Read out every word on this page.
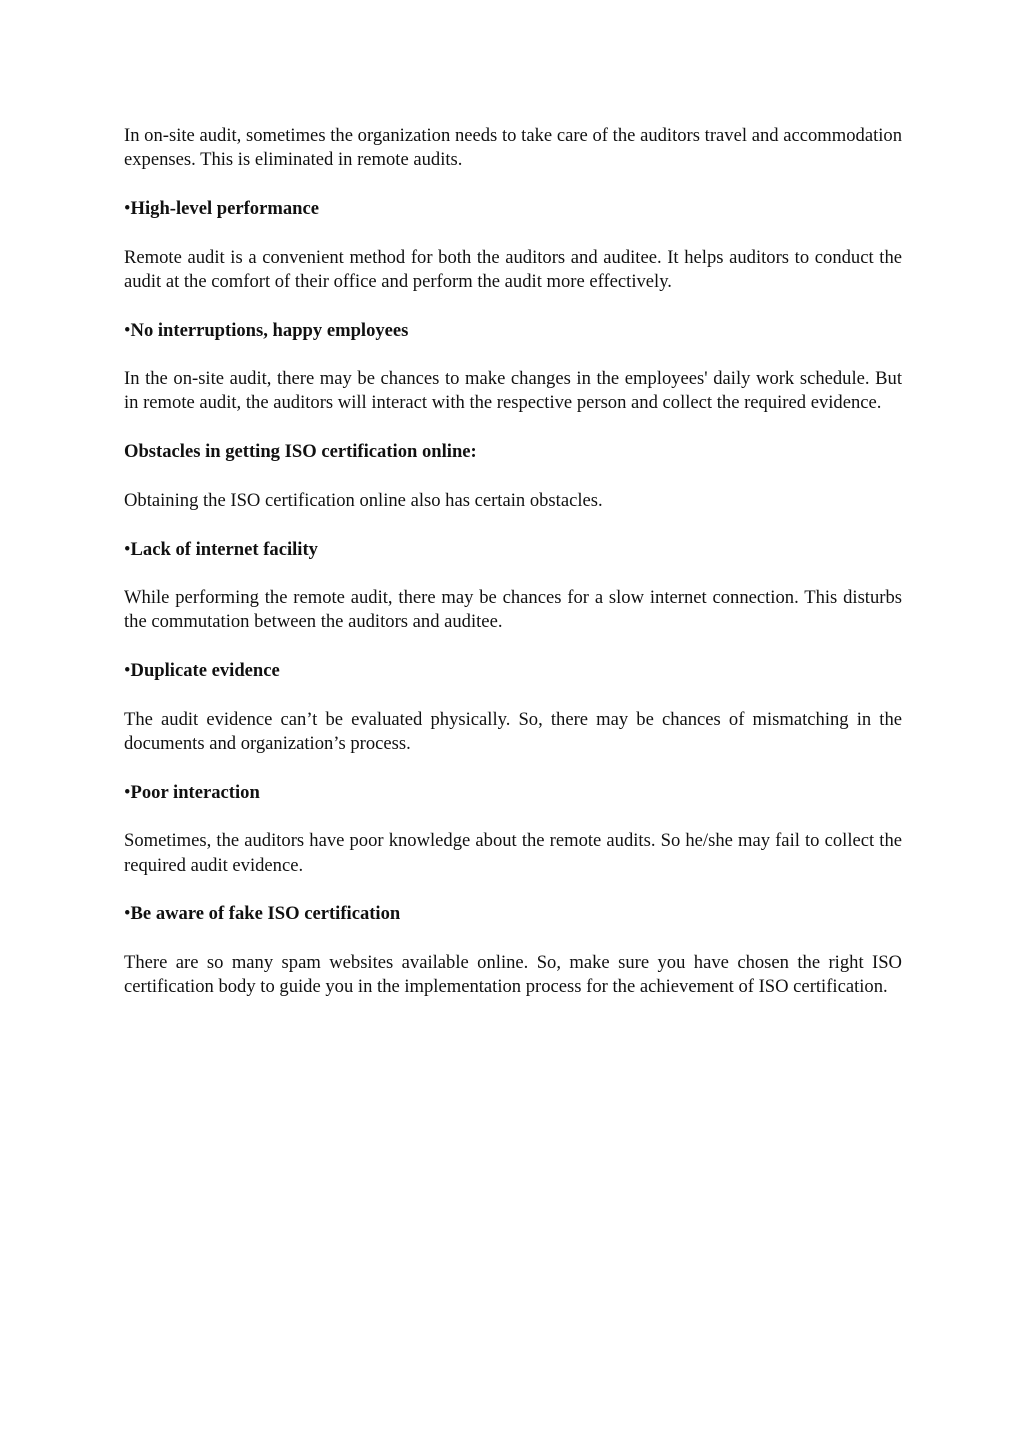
In on-site audit, sometimes the organization needs to take care of the auditors travel and accommodation expenses. This is eliminated in remote audits.

•High-level performance

Remote audit is a convenient method for both the auditors and auditee. It helps auditors to conduct the audit at the comfort of their office and perform the audit more effectively.

•No interruptions, happy employees

In the on-site audit, there may be chances to make changes in the employees' daily work schedule. But in remote audit, the auditors will interact with the respective person and collect the required evidence.

Obstacles in getting ISO certification online:

Obtaining the ISO certification online also has certain obstacles.

•Lack of internet facility

While performing the remote audit, there may be chances for a slow internet connection. This disturbs the commutation between the auditors and auditee.

•Duplicate evidence

The audit evidence can’t be evaluated physically. So, there may be chances of mismatching in the documents and organization’s process.

•Poor interaction

Sometimes, the auditors have poor knowledge about the remote audits. So he/she may fail to collect the required audit evidence.

•Be aware of fake ISO certification

There are so many spam websites available online. So, make sure you have chosen the right ISO certification body to guide you in the implementation process for the achievement of ISO certification.
